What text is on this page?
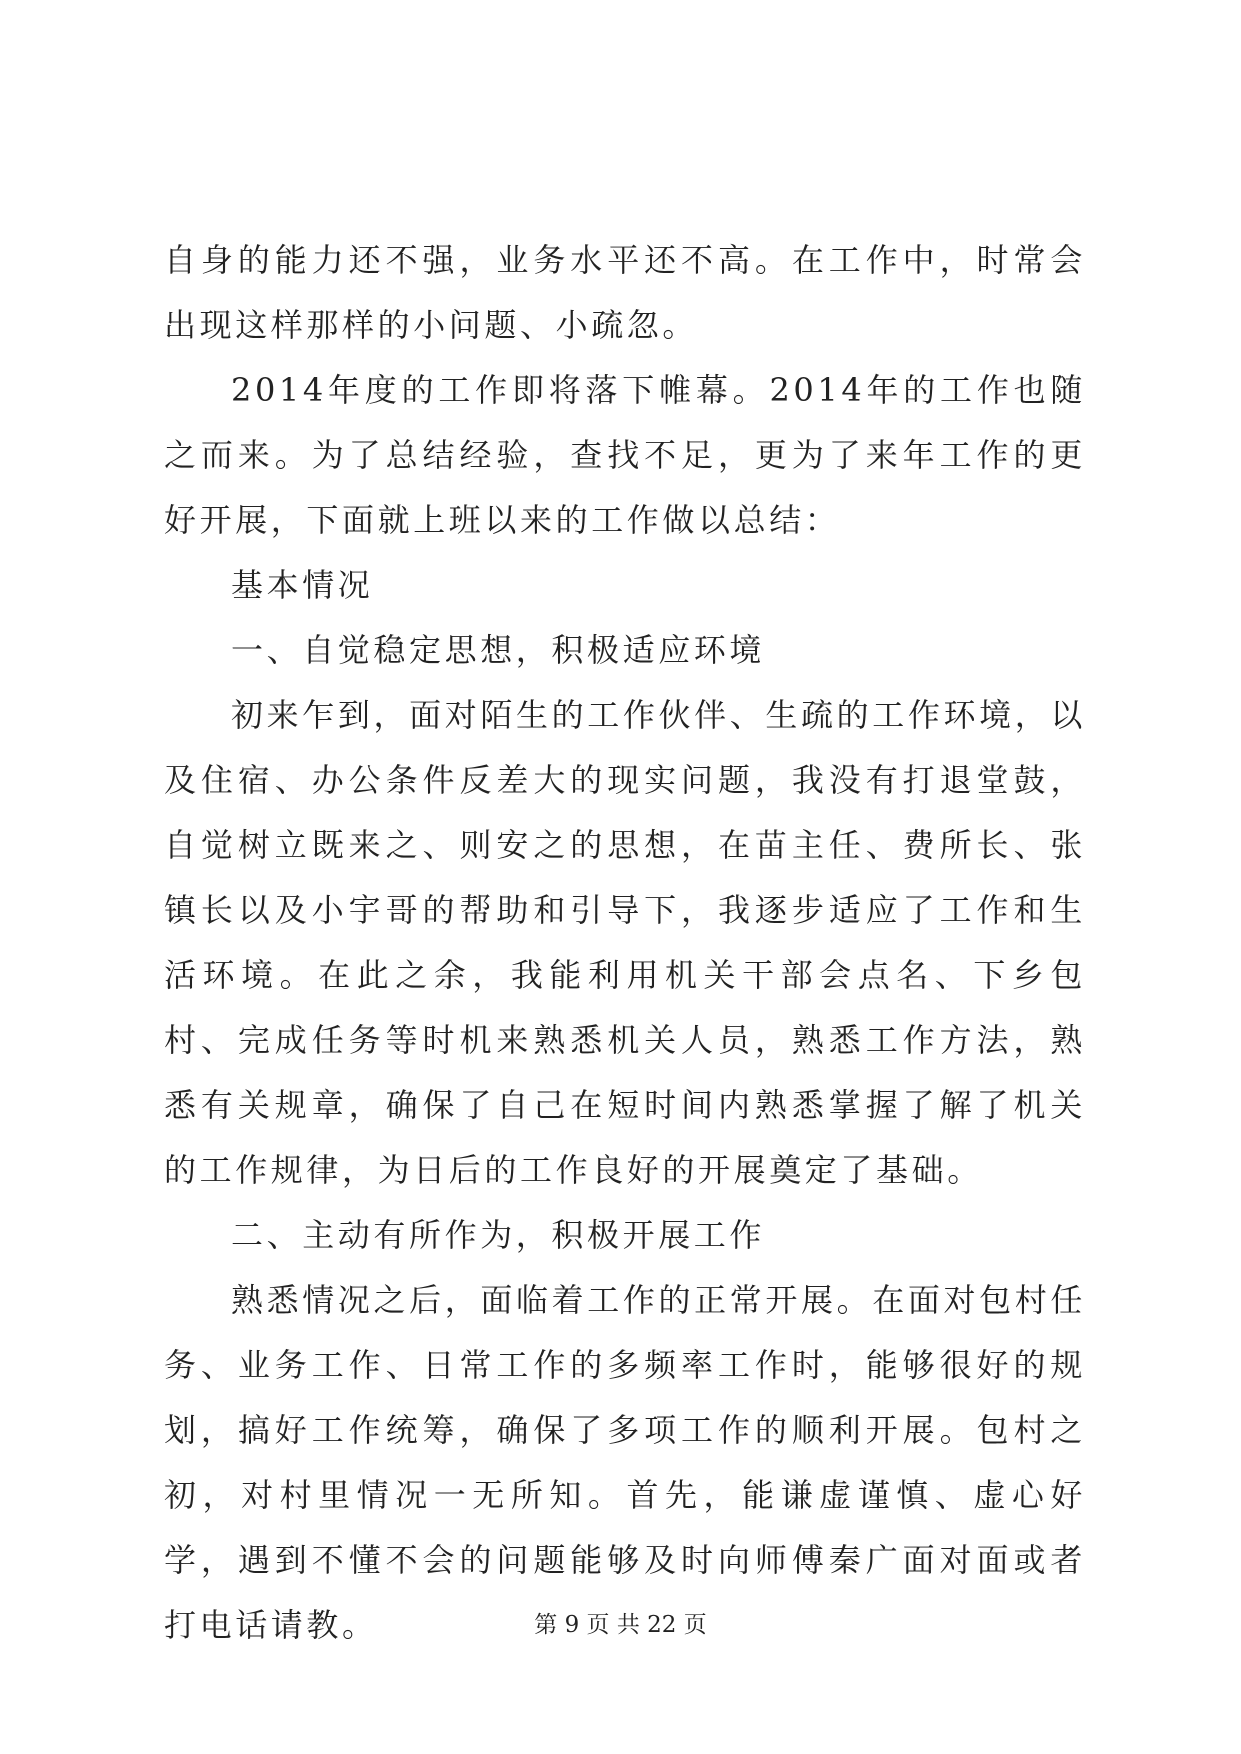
自身的能力还不强，业务水平还不高。在工作中，时常会出现这样那样的小问题、小疏忽。

2014年度的工作即将落下帷幕。2014年的工作也随之而来。为了总结经验，查找不足，更为了来年工作的更好开展，下面就上班以来的工作做以总结：

基本情况

一、自觉稳定思想，积极适应环境

初来乍到，面对陌生的工作伙伴、生疏的工作环境，以及住宿、办公条件反差大的现实问题，我没有打退堂鼓，自觉树立既来之、则安之的思想，在苗主任、费所长、张镇长以及小宇哥的帮助和引导下，我逐步适应了工作和生活环境。在此之余，我能利用机关干部会点名、下乡包村、完成任务等时机来熟悉机关人员，熟悉工作方法，熟悉有关规章，确保了自己在短时间内熟悉掌握了解了机关的工作规律，为日后的工作良好的开展奠定了基础。

二、主动有所作为，积极开展工作

熟悉情况之后，面临着工作的正常开展。在面对包村任务、业务工作、日常工作的多频率工作时，能够很好的规划，搞好工作统筹，确保了多项工作的顺利开展。包村之初，对村里情况一无所知。首先，能谦虚谨慎、虚心好学，遇到不懂不会的问题能够及时向师傅秦广面对面或者打电话请教。	第 9 页 共 22 页
